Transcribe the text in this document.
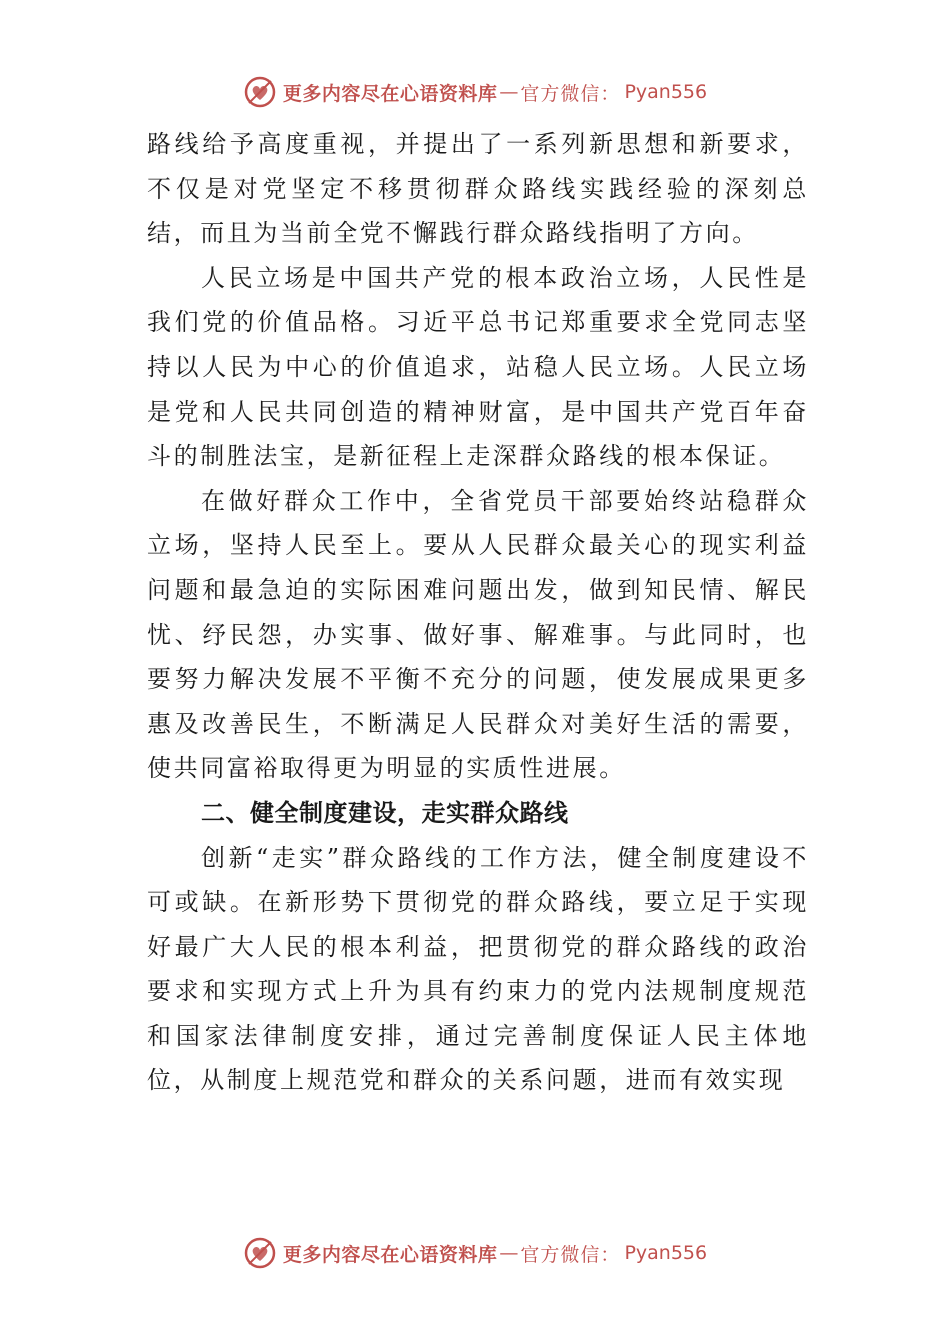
更多内容尽在心语资料库 — 官方微信： Pyan556

路线给予高度重视，并提出了一系列新思想和新要求，不仅是对党坚定不移贯彻群众路线实践经验的深刻总结，而且为当前全党不懈践行群众路线指明了方向。

人民立场是中国共产党的根本政治立场，人民性是我们党的价值品格。习近平总书记郑重要求全党同志坚持以人民为中心的价值追求，站稳人民立场。人民立场是党和人民共同创造的精神财富，是中国共产党百年奋斗的制胜法宝，是新征程上走深群众路线的根本保证。

在做好群众工作中，全省党员干部要始终站稳群众立场，坚持人民至上。要从人民群众最关心的现实利益问题和最急迫的实际困难问题出发，做到知民情、解民忧、纾民怨，办实事、做好事、解难事。与此同时，也要努力解决发展不平衡不充分的问题，使发展成果更多惠及改善民生，不断满足人民群众对美好生活的需要，使共同富裕取得更为明显的实质性进展。

二、健全制度建设，走实群众路线

创新“走实”群众路线的工作方法，健全制度建设不可或缺。在新形势下贯彻党的群众路线，要立足于实现好最广大人民的根本利益，把贯彻党的群众路线的政治要求和实现方式上升为具有约束力的党内法规制度规范和国家法律制度安排，通过完善制度保证人民主体地位，从制度上规范党和群众的关系问题，进而有效实现

更多内容尽在心语资料库 — 官方微信： Pyan556
